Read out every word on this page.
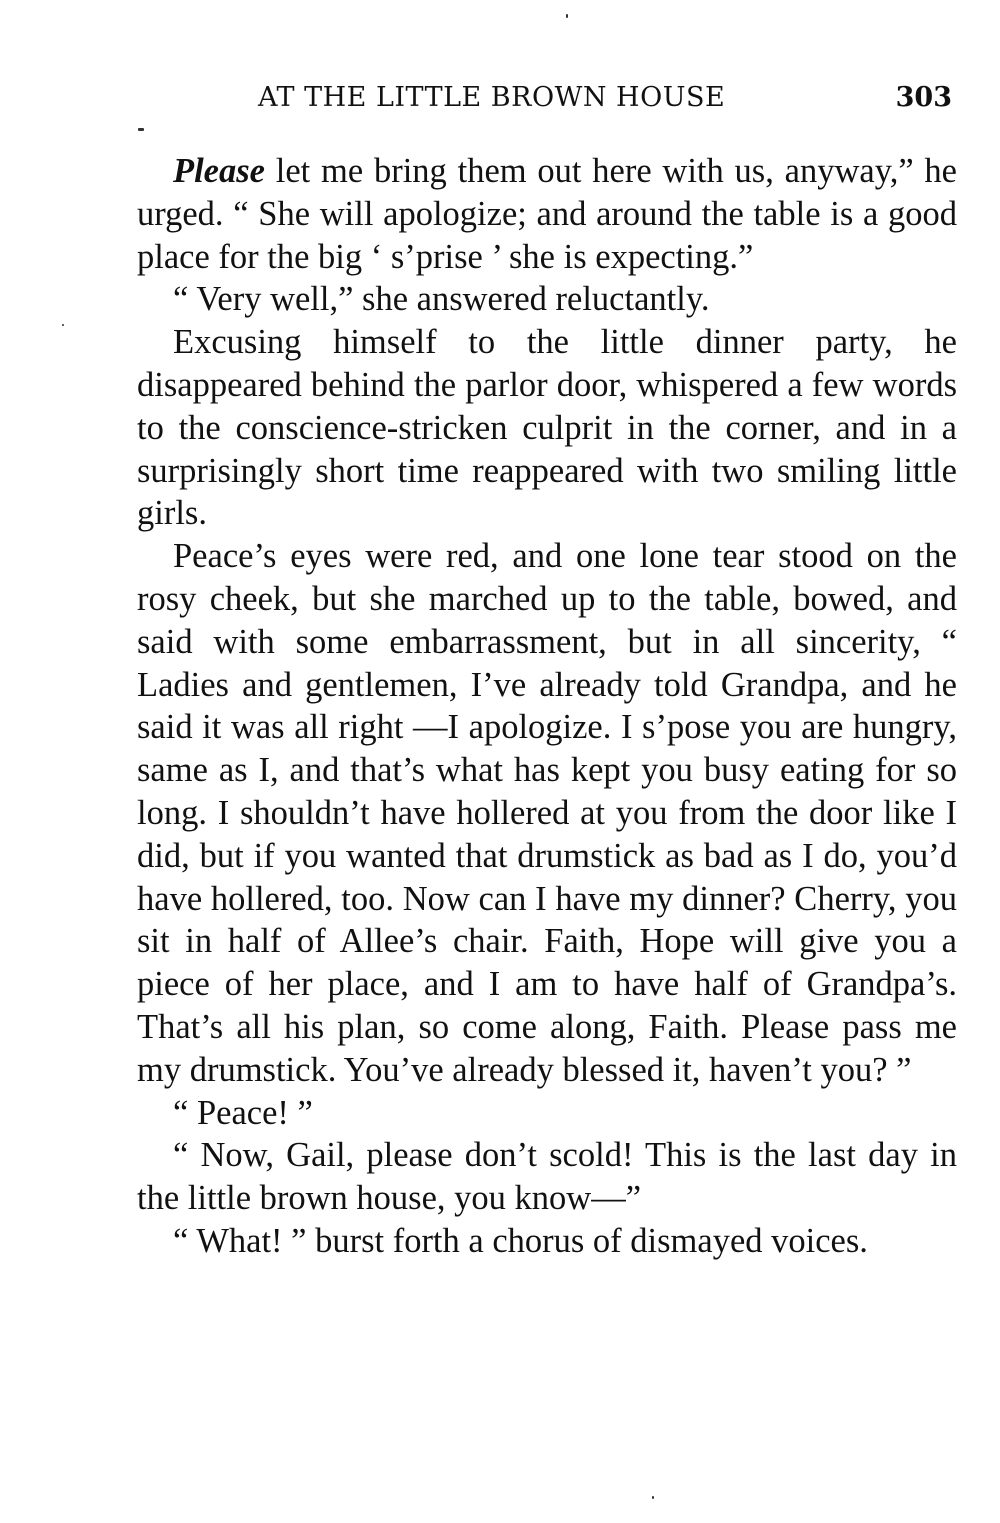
AT THE LITTLE BROWN HOUSE	303

Please let me bring them out here with us, anyway,” he urged. “ She will apologize; and around the table is a good place for the big ‘ s’prise ’ she is expecting.”

“ Very well,” she answered reluctantly.

Excusing himself to the little dinner party, he disappeared behind the parlor door, whispered a few words to the conscience-stricken culprit in the corner, and in a surprisingly short time reappeared with two smiling little girls.

Peace’s eyes were red, and one lone tear stood on the rosy cheek, but she marched up to the table, bowed, and said with some embarrassment, but in all sincerity, “ Ladies and gentlemen, I’ve already told Grandpa, and he said it was all right —I apologize. I s’pose you are hungry, same as I, and that’s what has kept you busy eating for so long. I shouldn’t have hollered at you from the door like I did, but if you wanted that drumstick as bad as I do, you’d have hollered, too. Now can I have my dinner? Cherry, you sit in half of Allee’s chair. Faith, Hope will give you a piece of her place, and I am to have half of Grandpa’s. That’s all his plan, so come along, Faith. Please pass me my drumstick. You’ve already blessed it, haven’t you? ”

“ Peace! ”

“ Now, Gail, please don’t scold! This is the last day in the little brown house, you know—”

“ What! ” burst forth a chorus of dismayed voices.
